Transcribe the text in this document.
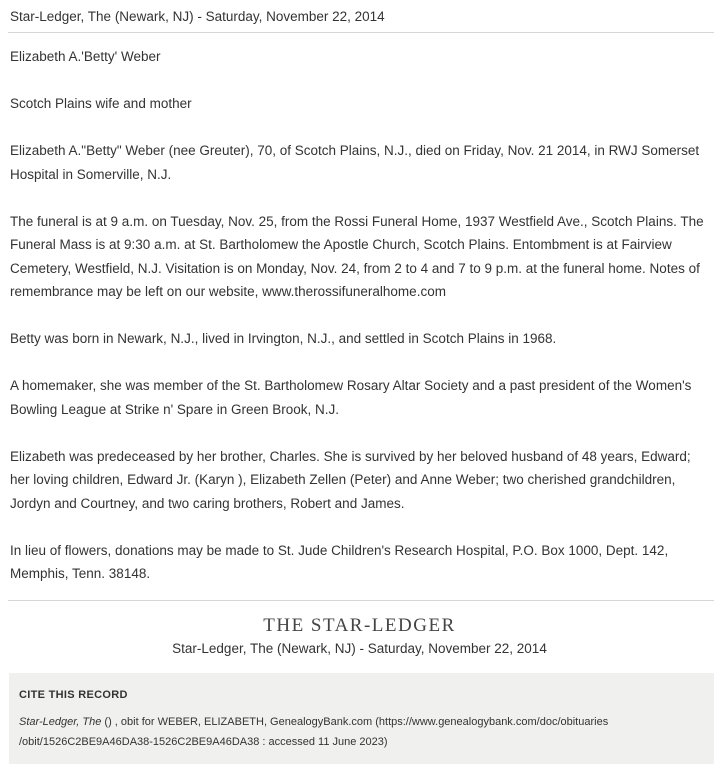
Star-Ledger, The (Newark, NJ) - Saturday, November 22, 2014

Elizabeth A.'Betty' Weber

Scotch Plains wife and mother

Elizabeth A."Betty" Weber (nee Greuter), 70, of Scotch Plains, N.J., died on Friday, Nov. 21 2014, in RWJ Somerset Hospital in Somerville, N.J.

The funeral is at 9 a.m. on Tuesday, Nov. 25, from the Rossi Funeral Home, 1937 Westfield Ave., Scotch Plains. The Funeral Mass is at 9:30 a.m. at St. Bartholomew the Apostle Church, Scotch Plains. Entombment is at Fairview Cemetery, Westfield, N.J. Visitation is on Monday, Nov. 24, from 2 to 4 and 7 to 9 p.m. at the funeral home. Notes of remembrance may be left on our website, www.therossifuneralhome.com

Betty was born in Newark, N.J., lived in Irvington, N.J., and settled in Scotch Plains in 1968.

A homemaker, she was member of the St. Bartholomew Rosary Altar Society and a past president of the Women's Bowling League at Strike n' Spare in Green Brook, N.J.

Elizabeth was predeceased by her brother, Charles. She is survived by her beloved husband of 48 years, Edward; her loving children, Edward Jr. (Karyn ), Elizabeth Zellen (Peter) and Anne Weber; two cherished grandchildren, Jordyn and Courtney, and two caring brothers, Robert and James.

In lieu of flowers, donations may be made to St. Jude Children's Research Hospital, P.O. Box 1000, Dept. 142, Memphis, Tenn. 38148.

THE STAR-LEDGER
Star-Ledger, The (Newark, NJ) - Saturday, November 22, 2014
CITE THIS RECORD
Star-Ledger, The () , obit for WEBER, ELIZABETH, GenealogyBank.com (https://www.genealogybank.com/doc/obituaries
/obit/1526C2BE9A46DA38-1526C2BE9A46DA38 : accessed 11 June 2023)
